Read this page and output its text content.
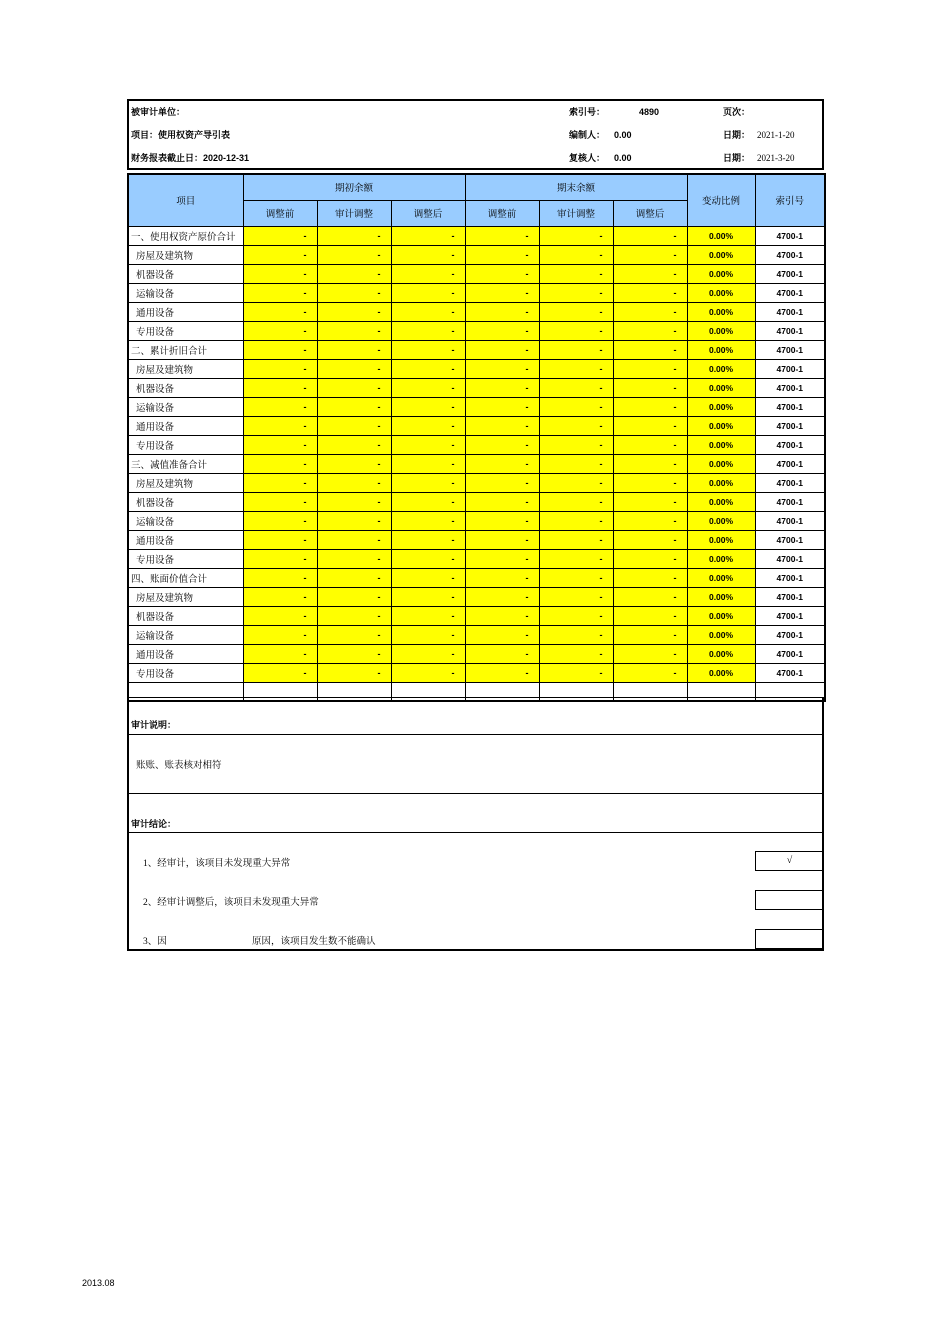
被审计单位：	索引号：	4890	页次：
项目：使用权资产导引表	编制人： 0.00	日期： 2021-1-20
财务报表截止日：2020-12-31	复核人： 0.00	日期： 2021-3-20
项目	期初余额			期末余额			变动比例	索引号
	调整前	审计调整	调整后	调整前	审计调整	调整后		
一、使用权资产原价合计	-	-	-	-	-	-	0.00%	4700-1
房屋及建筑物	-	-	-	-	-	-	0.00%	4700-1
机器设备	-	-	-	-	-	-	0.00%	4700-1
运输设备	-	-	-	-	-	-	0.00%	4700-1
通用设备	-	-	-	-	-	-	0.00%	4700-1
专用设备	-	-	-	-	-	-	0.00%	4700-1
二、累计折旧合计	-	-	-	-	-	-	0.00%	4700-1
房屋及建筑物	-	-	-	-	-	-	0.00%	4700-1
机器设备	-	-	-	-	-	-	0.00%	4700-1
运输设备	-	-	-	-	-	-	0.00%	4700-1
通用设备	-	-	-	-	-	-	0.00%	4700-1
专用设备	-	-	-	-	-	-	0.00%	4700-1
三、减值准备合计	-	-	-	-	-	-	0.00%	4700-1
房屋及建筑物	-	-	-	-	-	-	0.00%	4700-1
机器设备	-	-	-	-	-	-	0.00%	4700-1
运输设备	-	-	-	-	-	-	0.00%	4700-1
通用设备	-	-	-	-	-	-	0.00%	4700-1
专用设备	-	-	-	-	-	-	0.00%	4700-1
四、账面价值合计	-	-	-	-	-	-	0.00%	4700-1
房屋及建筑物	-	-	-	-	-	-	0.00%	4700-1
机器设备	-	-	-	-	-	-	0.00%	4700-1
运输设备	-	-	-	-	-	-	0.00%	4700-1
通用设备	-	-	-	-	-	-	0.00%	4700-1
专用设备	-	-	-	-	-	-	0.00%	4700-1

审计说明：
账账、账表核对相符
审计结论：
1、经审计，该项目未发现重大异常	√
2、经审计调整后，该项目未发现重大异常
3、因	原因，该项目发生数不能确认
2013.08
